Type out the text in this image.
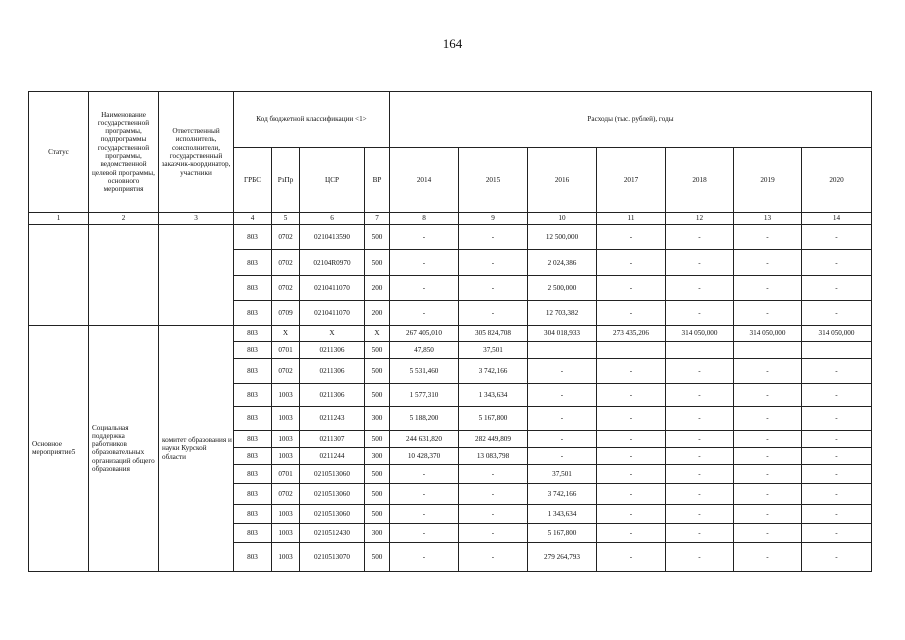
164
Статус	Наименование государственной программы, подпрограммы государственной программы, ведомственной целевой программы, основного мероприятия	Ответственный исполнитель, соисполнители, государственный заказчик-координатор, участники	Код бюджетной классификации <1>				Расходы (тыс. рублей), годы						
			ГРБС	РзПр	ЦСР	ВР	2014	2015	2016	2017	2018	2019	2020
1	2	3	4	5	6	7	8	9	10	11	12	13	14
			803	0702	0210413590	500	-	-	12 500,000	-	-	-	-
			803	0702	02104R0970	500	-	-	2 024,386	-	-	-	-
			803	0702	0210411070	200	-	-	2 500,000	-	-	-	-
			803	0709	0210411070	200	-	-	12 703,382	-	-	-	-
Основное мероприятие5	Социальная поддержка работников образовательных организаций общего образования	комитет образования и науки Курской области	803	X	X	X	267 405,010	305 824,708	304 018,933	273 435,206	314 050,000	314 050,000	314 050,000
			803	0701	0211306	500	47,850	37,501					
			803	0702	0211306	500	5 531,460	3 742,166	-	-	-	-	-
			803	1003	0211306	500	1 577,310	1 343,634	-	-	-	-	-
			803	1003	0211243	300	5 188,200	5 167,800	-	-	-	-	-
			803	1003	0211307	500	244 631,820	282 449,809	-	-	-	-	-
			803	1003	0211244	300	10 428,370	13 083,798	-	-	-	-	-
			803	0701	0210513060	500	-	-	37,501	-	-	-	-
			803	0702	0210513060	500	-	-	3 742,166	-	-	-	-
			803	1003	0210513060	500	-	-	1 343,634	-	-	-	-
			803	1003	0210512430	300	-	-	5 167,800	-	-	-	-
			803	1003	0210513070	500	-	-	279 264,793	-	-	-	-
